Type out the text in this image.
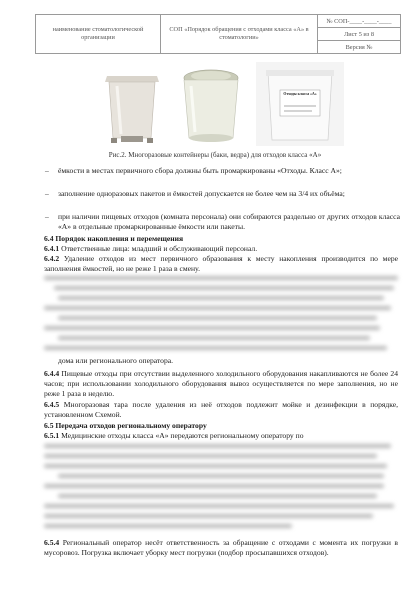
наименование стоматологической организации
СОП «Порядок обращения с отходами класса «А» в стоматологии»
№ СОП-____-____-____
Лист 5 из 8
Версия №
Отходы класса «А»
Рис.2. Многоразовые контейнеры (баки, ведра) для отходов класса «А»
– ёмкости в местах первичного сбора должны быть промаркированы «Отходы. Класс А»;
– заполнение одноразовых пакетов и ёмкостей допускается не более чем на 3/4 их объёма;
– при наличии пищевых отходов (комната персонала) они собираются раздельно от других отходов класса «А» в отдельные промаркированные ёмкости или пакеты.
6.4 Порядок накопления и перемещения
6.4.1 Ответственные лица: младший и обслуживающий персонал.
6.4.2 Удаление отходов из мест первичного образования к месту накопления производится по мере заполнения ёмкостей, но не реже 1 раза в смену.
дома или регионального оператора.
6.4.4 Пищевые отходы при отсутствии выделенного холодильного оборудования накапливаются не более 24 часов; при использовании холодильного оборудования вывоз осуществляется по мере заполнения, но не реже 1 раза в неделю.
6.4.5 Многоразовая тара после удаления из неё отходов подлежит мойке и дезинфекции в порядке, установленном Схемой.
6.5 Передача отходов региональному оператору
6.5.1 Медицинские отходы класса «А» передаются региональному оператору по
6.5.4 Региональный оператор несёт ответственность за обращение с отходами с момента их погрузки в мусоровоз. Погрузка включает уборку мест погрузки (подбор просыпавшихся отходов).
